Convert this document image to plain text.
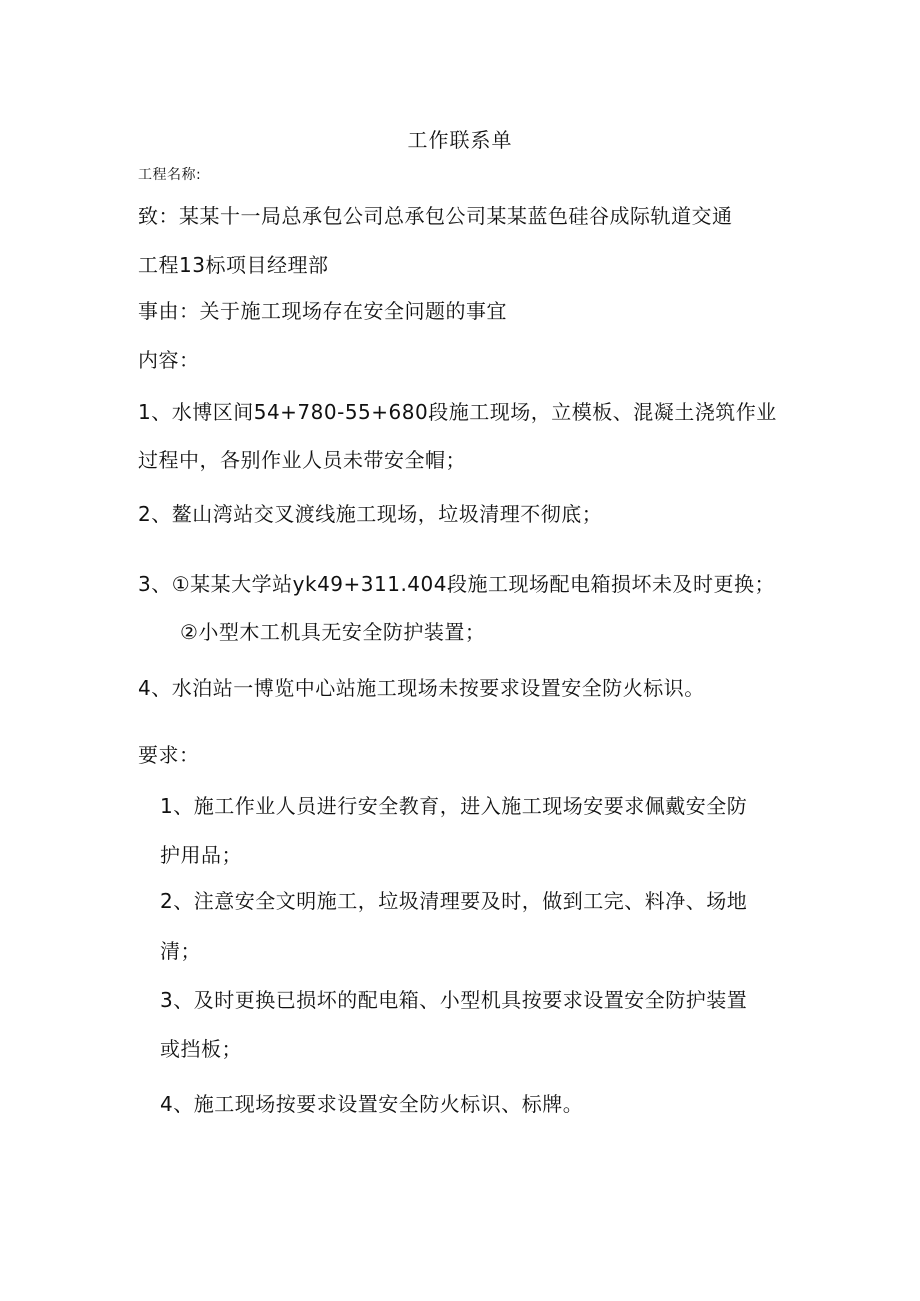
工作联系单
工程名称:
致：某某十一局总承包公司总承包公司某某蓝色硅谷成际轨道交通
工程13标项目经理部
事由：关于施工现场存在安全问题的事宜
内容：
1、水博区间54+780-55+680段施工现场，立模板、混凝土浇筑作业
过程中，各别作业人员未带安全帽；
2、鳌山湾站交叉渡线施工现场，垃圾清理不彻底；
3、①某某大学站yk49+311.404段施工现场配电箱损坏未及时更换；
②小型木工机具无安全防护装置；
4、水泊站一博览中心站施工现场未按要求设置安全防火标识。
要求：
1、施工作业人员进行安全教育，进入施工现场安要求佩戴安全防
护用品；
2、注意安全文明施工，垃圾清理要及时，做到工完、料净、场地
清；
3、及时更换已损坏的配电箱、小型机具按要求设置安全防护装置
或挡板；
4、施工现场按要求设置安全防火标识、标牌。
